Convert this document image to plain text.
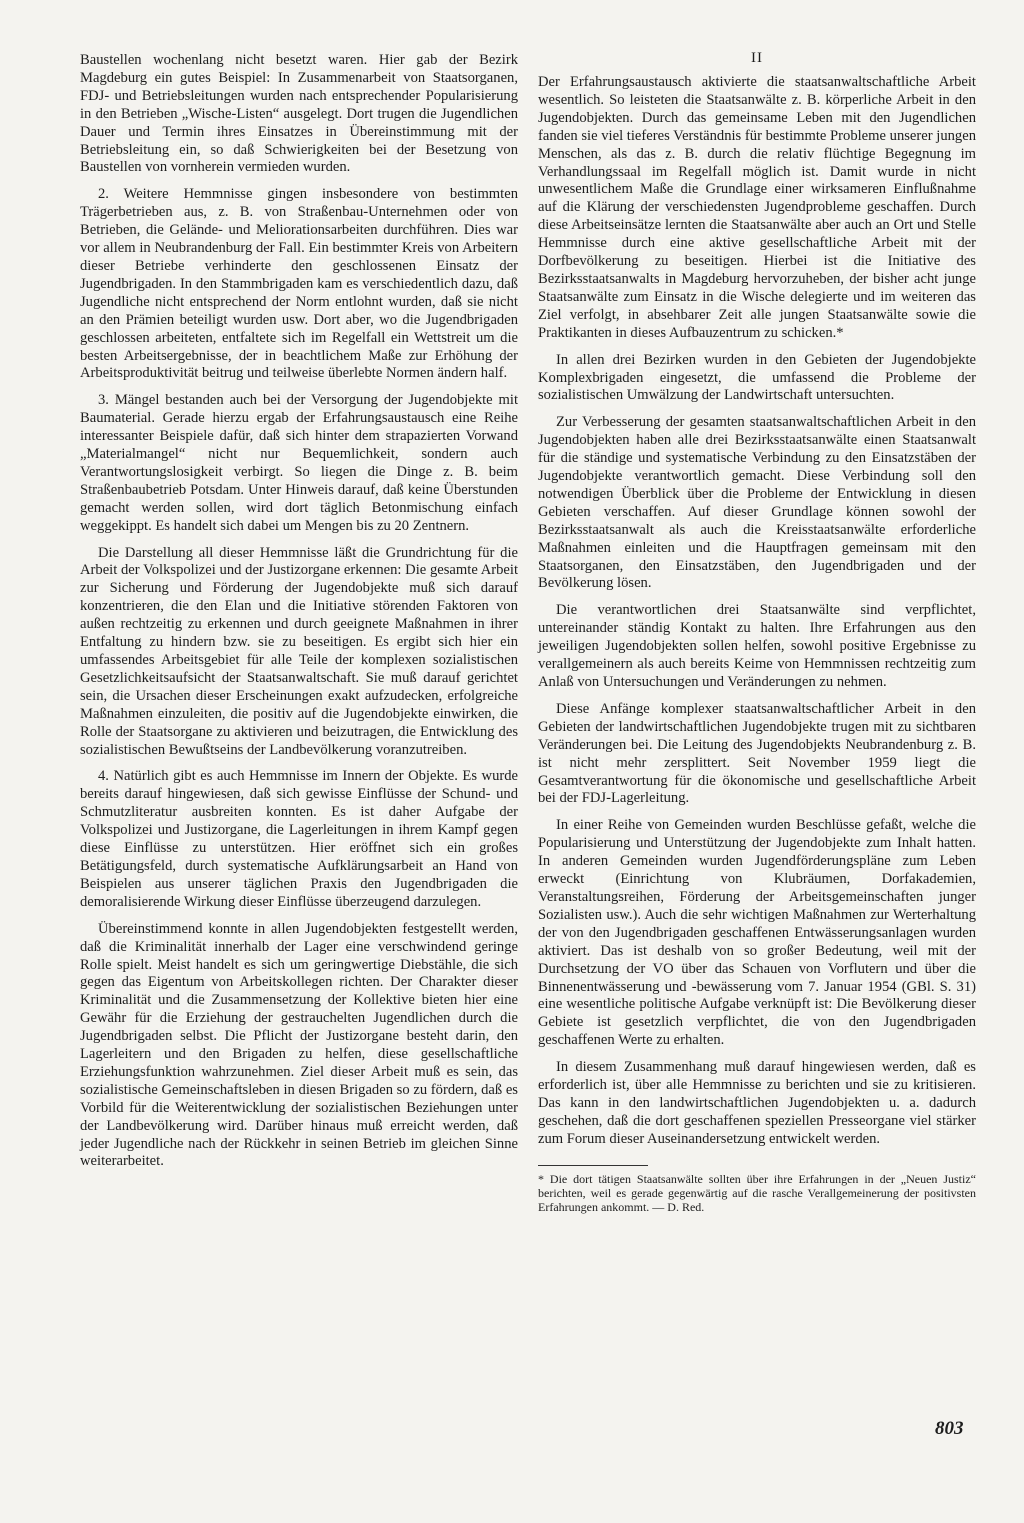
Baustellen wochenlang nicht besetzt waren. Hier gab der Bezirk Magdeburg ein gutes Beispiel: In Zusammenarbeit von Staatsorganen, FDJ- und Betriebsleitungen wurden nach entsprechender Popularisierung in den Betrieben „Wische-Listen“ ausgelegt. Dort trugen die Jugendlichen Dauer und Termin ihres Einsatzes in Übereinstimmung mit der Betriebsleitung ein, so daß Schwierigkeiten bei der Besetzung von Baustellen von vornherein vermieden wurden.

2. Weitere Hemmnisse gingen insbesondere von bestimmten Trägerbetrieben aus, z. B. von Straßenbau-Unternehmen oder von Betrieben, die Gelände- und Meliorationsarbeiten durchführen. Dies war vor allem in Neubrandenburg der Fall. Ein bestimmter Kreis von Arbeitern dieser Betriebe verhinderte den geschlossenen Einsatz der Jugendbrigaden. In den Stammbrigaden kam es verschiedentlich dazu, daß Jugendliche nicht entsprechend der Norm entlohnt wurden, daß sie nicht an den Prämien beteiligt wurden usw. Dort aber, wo die Jugendbrigaden geschlossen arbeiteten, entfaltete sich im Regelfall ein Wettstreit um die besten Arbeitsergebnisse, der in beachtlichem Maße zur Erhöhung der Arbeitsproduktivität beitrug und teilweise überlebte Normen ändern half.

3. Mängel bestanden auch bei der Versorgung der Jugendobjekte mit Baumaterial. Gerade hierzu ergab der Erfahrungsaustausch eine Reihe interessanter Beispiele dafür, daß sich hinter dem strapazierten Vorwand „Materialmangel“ nicht nur Bequemlichkeit, sondern auch Verantwortungslosigkeit verbirgt. So liegen die Dinge z. B. beim Straßenbaubetrieb Potsdam. Unter Hinweis darauf, daß keine Überstunden gemacht werden sollen, wird dort täglich Betonmischung einfach weggekippt. Es handelt sich dabei um Mengen bis zu 20 Zentnern.

Die Darstellung all dieser Hemmnisse läßt die Grundrichtung für die Arbeit der Volkspolizei und der Justizorgane erkennen: Die gesamte Arbeit zur Sicherung und Förderung der Jugendobjekte muß sich darauf konzentrieren, die den Elan und die Initiative störenden Faktoren von außen rechtzeitig zu erkennen und durch geeignete Maßnahmen in ihrer Entfaltung zu hindern bzw. sie zu beseitigen. Es ergibt sich hier ein umfassendes Arbeitsgebiet für alle Teile der komplexen sozialistischen Gesetzlichkeitsaufsicht der Staatsanwaltschaft. Sie muß darauf gerichtet sein, die Ursachen dieser Erscheinungen exakt aufzudecken, erfolgreiche Maßnahmen einzuleiten, die positiv auf die Jugendobjekte einwirken, die Rolle der Staatsorgane zu aktivieren und beizutragen, die Entwicklung des sozialistischen Bewußtseins der Landbevölkerung voranzutreiben.

4. Natürlich gibt es auch Hemmnisse im Innern der Objekte. Es wurde bereits darauf hingewiesen, daß sich gewisse Einflüsse der Schund- und Schmutzliteratur ausbreiten konnten. Es ist daher Aufgabe der Volkspolizei und Justizorgane, die Lagerleitungen in ihrem Kampf gegen diese Einflüsse zu unterstützen. Hier eröffnet sich ein großes Betätigungsfeld, durch systematische Aufklärungsarbeit an Hand von Beispielen aus unserer täglichen Praxis den Jugendbrigaden die demoralisierende Wirkung dieser Einflüsse überzeugend darzulegen.

Übereinstimmend konnte in allen Jugendobjekten festgestellt werden, daß die Kriminalität innerhalb der Lager eine verschwindend geringe Rolle spielt. Meist handelt es sich um geringwertige Diebstähle, die sich gegen das Eigentum von Arbeitskollegen richten. Der Charakter dieser Kriminalität und die Zusammensetzung der Kollektive bieten hier eine Gewähr für die Erziehung der gestrauchelten Jugendlichen durch die Jugendbrigaden selbst. Die Pflicht der Justizorgane besteht darin, den Lagerleitern und den Brigaden zu helfen, diese gesellschaftliche Erziehungsfunktion wahrzunehmen. Ziel dieser Arbeit muß es sein, das sozialistische Gemeinschaftsleben in diesen Brigaden so zu fördern, daß es Vorbild für die Weiterentwicklung der sozialistischen Beziehungen unter der Landbevölkerung wird. Darüber hinaus muß erreicht werden, daß jeder Jugendliche nach der Rückkehr in seinen Betrieb im gleichen Sinne weiterarbeitet.

II

Der Erfahrungsaustausch aktivierte die staatsanwaltschaftliche Arbeit wesentlich. So leisteten die Staatsanwälte z. B. körperliche Arbeit in den Jugendobjekten. Durch das gemeinsame Leben mit den Jugendlichen fanden sie viel tieferes Verständnis für bestimmte Probleme unserer jungen Menschen, als das z. B. durch die relativ flüchtige Begegnung im Verhandlungssaal im Regelfall möglich ist. Damit wurde in nicht unwesentlichem Maße die Grundlage einer wirksameren Einflußnahme auf die Klärung der verschiedensten Jugendprobleme geschaffen. Durch diese Arbeitseinsätze lernten die Staatsanwälte aber auch an Ort und Stelle Hemmnisse durch eine aktive gesellschaftliche Arbeit mit der Dorfbevölkerung zu beseitigen. Hierbei ist die Initiative des Bezirksstaatsanwalts in Magdeburg hervorzuheben, der bisher acht junge Staatsanwälte zum Einsatz in die Wische delegierte und im weiteren das Ziel verfolgt, in absehbarer Zeit alle jungen Staatsanwälte sowie die Praktikanten in dieses Aufbauzentrum zu schicken.*

In allen drei Bezirken wurden in den Gebieten der Jugendobjekte Komplexbrigaden eingesetzt, die umfassend die Probleme der sozialistischen Umwälzung der Landwirtschaft untersuchten.

Zur Verbesserung der gesamten staatsanwaltschaftlichen Arbeit in den Jugendobjekten haben alle drei Bezirksstaatsanwälte einen Staatsanwalt für die ständige und systematische Verbindung zu den Einsatzstäben der Jugendobjekte verantwortlich gemacht. Diese Verbindung soll den notwendigen Überblick über die Probleme der Entwicklung in diesen Gebieten verschaffen. Auf dieser Grundlage können sowohl der Bezirksstaatsanwalt als auch die Kreisstaatsanwälte erforderliche Maßnahmen einleiten und die Hauptfragen gemeinsam mit den Staatsorganen, den Einsatzstäben, den Jugendbrigaden und der Bevölkerung lösen.

Die verantwortlichen drei Staatsanwälte sind verpflichtet, untereinander ständig Kontakt zu halten. Ihre Erfahrungen aus den jeweiligen Jugendobjekten sollen helfen, sowohl positive Ergebnisse zu verallgemeinern als auch bereits Keime von Hemmnissen rechtzeitig zum Anlaß von Untersuchungen und Veränderungen zu nehmen.

Diese Anfänge komplexer staatsanwaltschaftlicher Arbeit in den Gebieten der landwirtschaftlichen Jugendobjekte trugen mit zu sichtbaren Veränderungen bei. Die Leitung des Jugendobjekts Neubrandenburg z. B. ist nicht mehr zersplittert. Seit November 1959 liegt die Gesamtverantwortung für die ökonomische und gesellschaftliche Arbeit bei der FDJ-Lagerleitung.

In einer Reihe von Gemeinden wurden Beschlüsse gefaßt, welche die Popularisierung und Unterstützung der Jugendobjekte zum Inhalt hatten. In anderen Gemeinden wurden Jugendförderungspläne zum Leben erweckt (Einrichtung von Klubräumen, Dorfakademien, Veranstaltungsreihen, Förderung der Arbeitsgemeinschaften junger Sozialisten usw.). Auch die sehr wichtigen Maßnahmen zur Werterhaltung der von den Jugendbrigaden geschaffenen Entwässerungsanlagen wurden aktiviert. Das ist deshalb von so großer Bedeutung, weil mit der Durchsetzung der VO über das Schauen von Vorflutern und über die Binnenentwässerung und -bewässerung vom 7. Januar 1954 (GBl. S. 31) eine wesentliche politische Aufgabe verknüpft ist: Die Bevölkerung dieser Gebiete ist gesetzlich verpflichtet, die von den Jugendbrigaden geschaffenen Werte zu erhalten.

In diesem Zusammenhang muß darauf hingewiesen werden, daß es erforderlich ist, über alle Hemmnisse zu berichten und sie zu kritisieren. Das kann in den landwirtschaftlichen Jugendobjekten u. a. dadurch geschehen, daß die dort geschaffenen speziellen Presseorgane viel stärker zum Forum dieser Auseinandersetzung entwickelt werden.

* Die dort tätigen Staatsanwälte sollten über ihre Erfahrungen in der „Neuen Justiz“ berichten, weil es gerade gegenwärtig auf die rasche Verallgemeinerung der positivsten Erfahrungen ankommt. — D. Red.

803
